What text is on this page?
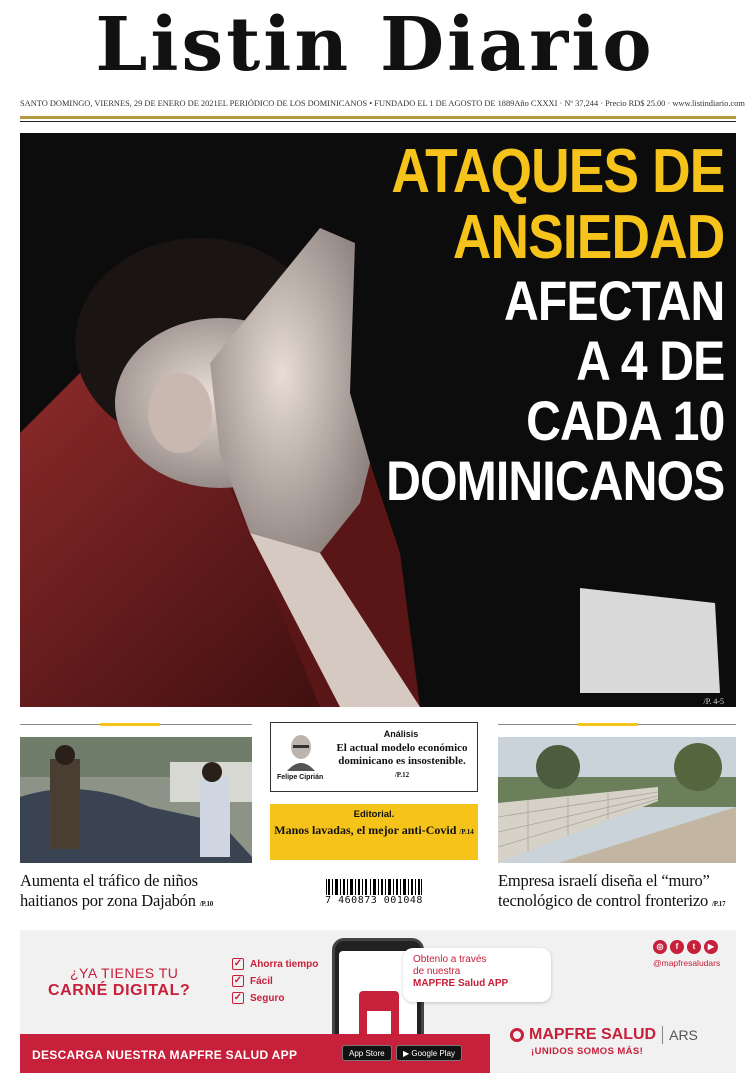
Listin Diario
SANTO DOMINGO, VIERNES, 29 DE ENERO DE 2021 EL PERIÓDICO DE LOS DOMINICANOS • FUNDADO EL 1 DE AGOSTO DE 1889 Año CXXXI · Nº 37,244 · Precio RD$ 25.00 · www.listindiario.com
ATAQUES DE
ANSIEDAD
AFECTAN
A 4 DE
CADA 10
DOMINICANOS
/P. 4-5
Aumenta el tráfico de niños haitianos por zona Dajabón /P.10
Felipe Ciprián
Análisis
El actual modelo económico dominicano es insostenible. /P.12
Editorial.
Manos lavadas, el mejor anti-Covid /P.14
7 460873 001048
Empresa israelí diseña el “muro” tecnológico de control fronterizo /P.17
¿YA TIENES TU
CARNÉ DIGITAL?
✓ Ahorra tiempo
✓ Fácil
✓ Seguro
Obtenlo a través
de nuestra
MAPFRE Salud APP
◎	f	t	▶
@mapfresaludars
DESCARGA NUESTRA MAPFRE SALUD APP	App Store	▶ Google Play
MAPFRE SALUD ARS
¡UNIDOS SOMOS MÁS!
